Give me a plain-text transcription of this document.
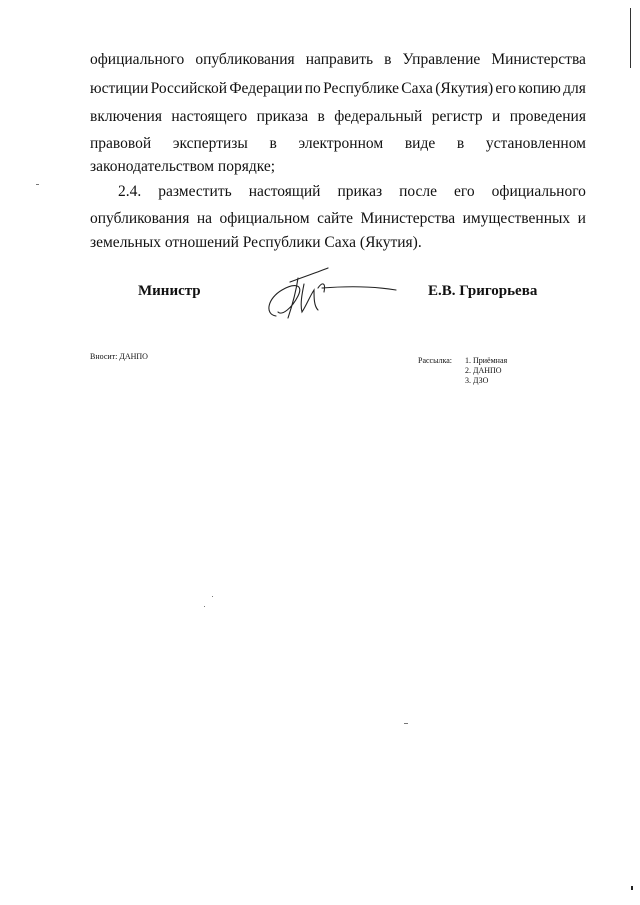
официального опубликования направить в Управление Министерства
юстиции Российской Федерации по Республике Саха (Якутия) его копию для
включения настоящего приказа в федеральный регистр и проведения
правовой экспертизы в электронном виде в установленном
законодательством порядке;
2.4. разместить настоящий приказ после его официального
опубликования на официальном сайте Министерства имущественных и
земельных отношений Республики Саха (Якутия).
Министр	Е.В. Григорьева
Вносит: ДАНПО	Рассылка: 1. Приёмная
2. ДАНПО
3. ДЗО
